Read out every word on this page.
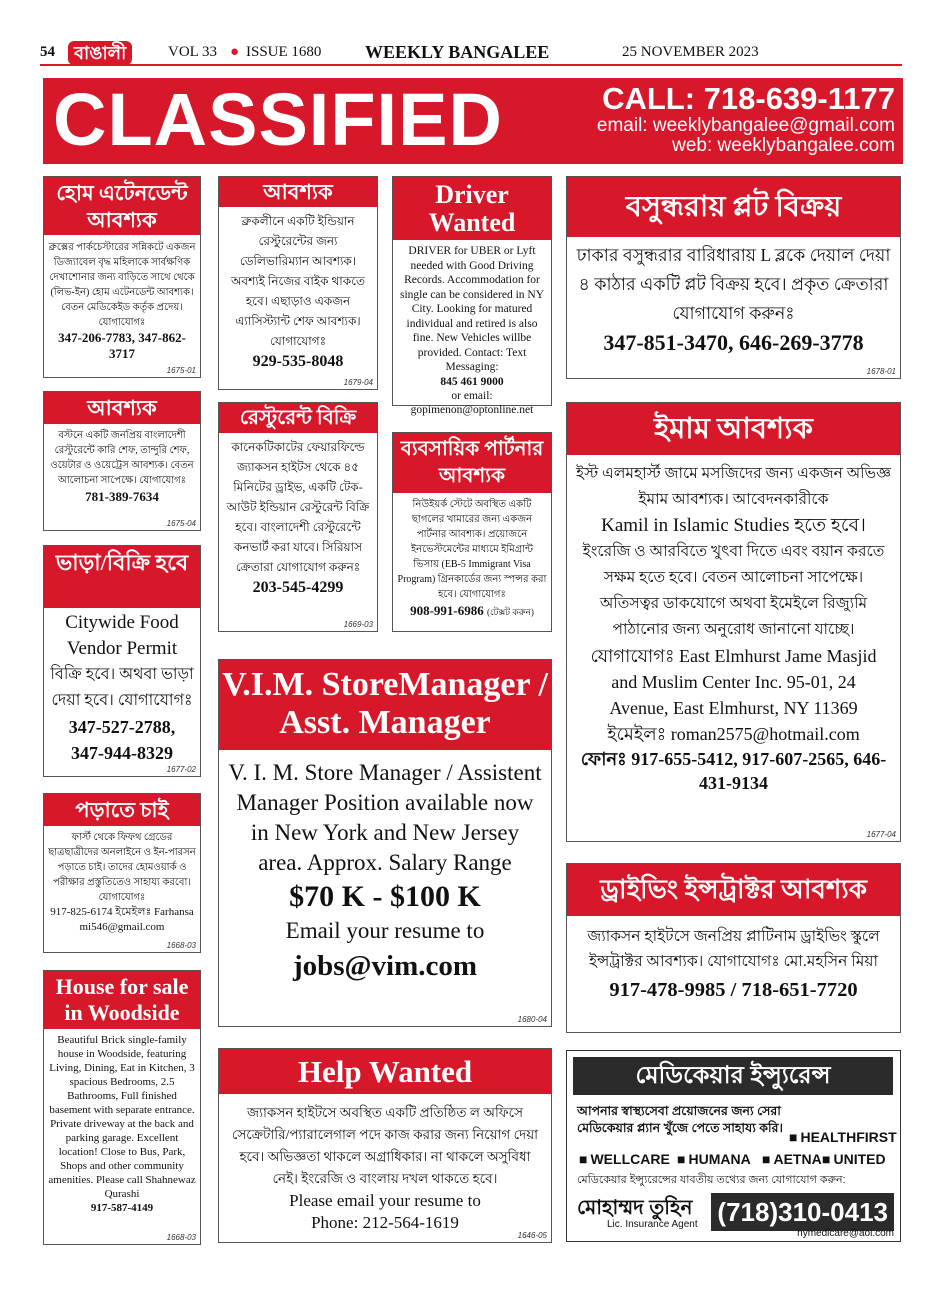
54	বাঙালী	VOL 33 ● ISSUE 1680 WEEKLY BANGALEE	25 NOVEMBER 2023
CLASSIFIED	CALL: 718-639-1177
email: weeklybangalee@gmail.com
web: weeklybangalee.com
হোম এটেনডেন্ট আবশ্যক
ব্রুক্সের পার্কচেস্টারের সন্নিকটে একজন ডিজ্যাবেল বৃদ্ধ মহিলাকে সার্বক্ষণিক দেখাশোনার জন্য বাড়িতে সাথে থেকে (লিভ-ইন) হোম এটেনডেন্ট আবশ্যক। বেতন মেডিকেইড কর্তৃক প্রদেয়। যোগাযোগঃ
347-206-7783, 347-862-3717
1675-01
আবশ্যক
বস্টনে একটি জনপ্রিয় বাংলাদেশী রেস্টুরেন্টে কারি শেফ, তান্দুরি শেফ, ওয়েটার ও ওয়েট্রেস আবশ্যক। বেতন আলোচনা সাপেক্ষে। যোগাযোগঃ
781-389-7634
1675-04
ভাড়া/বিক্রি হবে
Citywide Food Vendor Permit
বিক্রি হবে। অথবা ভাড়া দেয়া হবে। যোগাযোগঃ
347-527-2788, 347-944-8329
1677-02
পড়াতে চাই
ফার্স্ট থেকে ফিফথ গ্রেডের ছাত্রছাত্রীদের অনলাইনে ও ইন-পারসন পড়াতে চাই। তাদের হোমওয়ার্ক ও পরীক্ষার প্রস্তুতিতেও সাহায্য করবো। যোগাযোগঃ
917-825-6174 ইমেইলঃ Farhansami546@gmail.com
1668-03
House for sale in Woodside
Beautiful Brick single-family house in Woodside, featuring Living, Dining, Eat in Kitchen, 3 spacious Bedrooms, 2.5 Bathrooms, Full finished basement with separate entrance. Private driveway at the back and parking garage. Excellent location! Close to Bus, Park, Shops and other community amenities. Please call Shahnewaz Qurashi
917-587-4149
1668-03
আবশ্যক
ব্রুকলীনে একটি ইন্ডিয়ান রেস্টুরেন্টের জন্য ডেলিভারিম্যান আবশ্যক। অবশ্যই নিজের বাইক থাকতে হবে। এছাড়াও একজন এ্যাসিস্ট্যান্ট শেফ আবশ্যক। যোগাযোগঃ
929-535-8048
1679-04
রেস্টুরেন্ট বিক্রি
কানেকটিকাটের ফেয়ারফিল্ডে জ্যাকসন হাইটস থেকে ৪৫ মিনিটের ড্রাইভ, একটি টেক-আউট ইন্ডিয়ান রেস্টুরেন্ট বিক্রি হবে। বাংলাদেশী রেস্টুরেন্টে কনভার্ট করা যাবে। সিরিয়াস ক্রেতারা যোগাযোগ করুনঃ
203-545-4299
1669-03
Driver Wanted
DRIVER for UBER or Lyft needed with Good Driving Records. Accommodation for single can be considered in NY City. Looking for matured individual and retired is also fine. New Vehicles willbe provided. Contact: Text Messaging:
845 461 9000
or email: gopimenon@optonline.net
ব্যবসায়িক পার্টনার আবশ্যক
নিউইয়র্ক স্টেটে অবস্থিত একটি ছাগলের খামারের জন্য একজন পার্টনার আবশ্যক। প্রয়োজনে ইনভেস্টমেন্টের মাধ্যমে ইমিগ্রান্ট ভিসায় (EB-5 Immigrant Visa Program) গ্রিনকার্ডের জন্য স্পন্সর করা হবে। যোগাযোগঃ
908-991-6986 (টেক্সট করুন)
V.I.M. StoreManager / Asst. Manager
V. I. M. Store Manager / Assistent Manager Position available now in New York and New Jersey area. Approx. Salary Range
$70 K - $100 K
Email your resume to
jobs@vim.com
1680-04
Help Wanted
জ্যাকসন হাইটসে অবস্থিত একটি প্রতিষ্ঠিত ল অফিসে সেক্রেটারি/প্যারালেগাল পদে কাজ করার জন্য নিয়োগ দেয়া হবে। অভিজ্ঞতা থাকলে অগ্রাধিকার। না থাকলে অসুবিধা নেই। ইংরেজি ও বাংলায় দখল থাকতে হবে।
Please email your resume to
Phone: 212-564-1619
1646-05
বসুন্ধরায় প্লট বিক্রয়
ঢাকার বসুন্ধরার বারিধারায় L ব্লকে দেয়াল দেয়া ৪ কাঠার একটি প্লট বিক্রয় হবে। প্রকৃত ক্রেতারা যোগাযোগ করুনঃ
347-851-3470, 646-269-3778
1678-01
ইমাম আবশ্যক
ইস্ট এলমহার্স্ট জামে মসজিদের জন্য একজন অভিজ্ঞ ইমাম আবশ্যক। আবেদনকারীকে
Kamil in Islamic Studies হতে হবে।
ইংরেজি ও আরবিতে খুৎবা দিতে এবং বয়ান করতে সক্ষম হতে হবে। বেতন আলোচনা সাপেক্ষে। অতিসত্বর ডাকযোগে অথবা ইমেইলে রিজ্যুমি পাঠানোর জন্য অনুরোধ জানানো যাচ্ছে।
যোগাযোগঃ East Elmhurst Jame Masjid and Muslim Center Inc. 95-01, 24 Avenue, East Elmhurst, NY 11369
ইমেইলঃ roman2575@hotmail.com
ফোনঃ 917-655-5412, 917-607-2565, 646-431-9134
1677-04
ড্রাইভিং ইন্সট্রাক্টর আবশ্যক
জ্যাকসন হাইটসে জনপ্রিয় প্লাটিনাম ড্রাইভিং স্কুলে ইন্সট্রাক্টর আবশ্যক। যোগাযোগঃ মো.মহসিন মিয়া
917-478-9985 / 718-651-7720
মেডিকেয়ার ইন্স্যুরেন্স
আপনার স্বাস্থ্যসেবা প্রয়োজনের জন্য সেরা মেডিকেয়ার প্ল্যান খুঁজে পেতে সাহায্য করি।
■ HEALTHFIRST
■ WELLCARE	■ HUMANA	■ AETNA ■ UNITED
মেডিকেয়ার ইন্স্যুরেন্সের যাবতীয় তথ্যের জন্য যোগাযোগ করুন:
মোহাম্মদ তুহিন
Lic. Insurance Agent (718)310-0413
nymedicare@aol.com
